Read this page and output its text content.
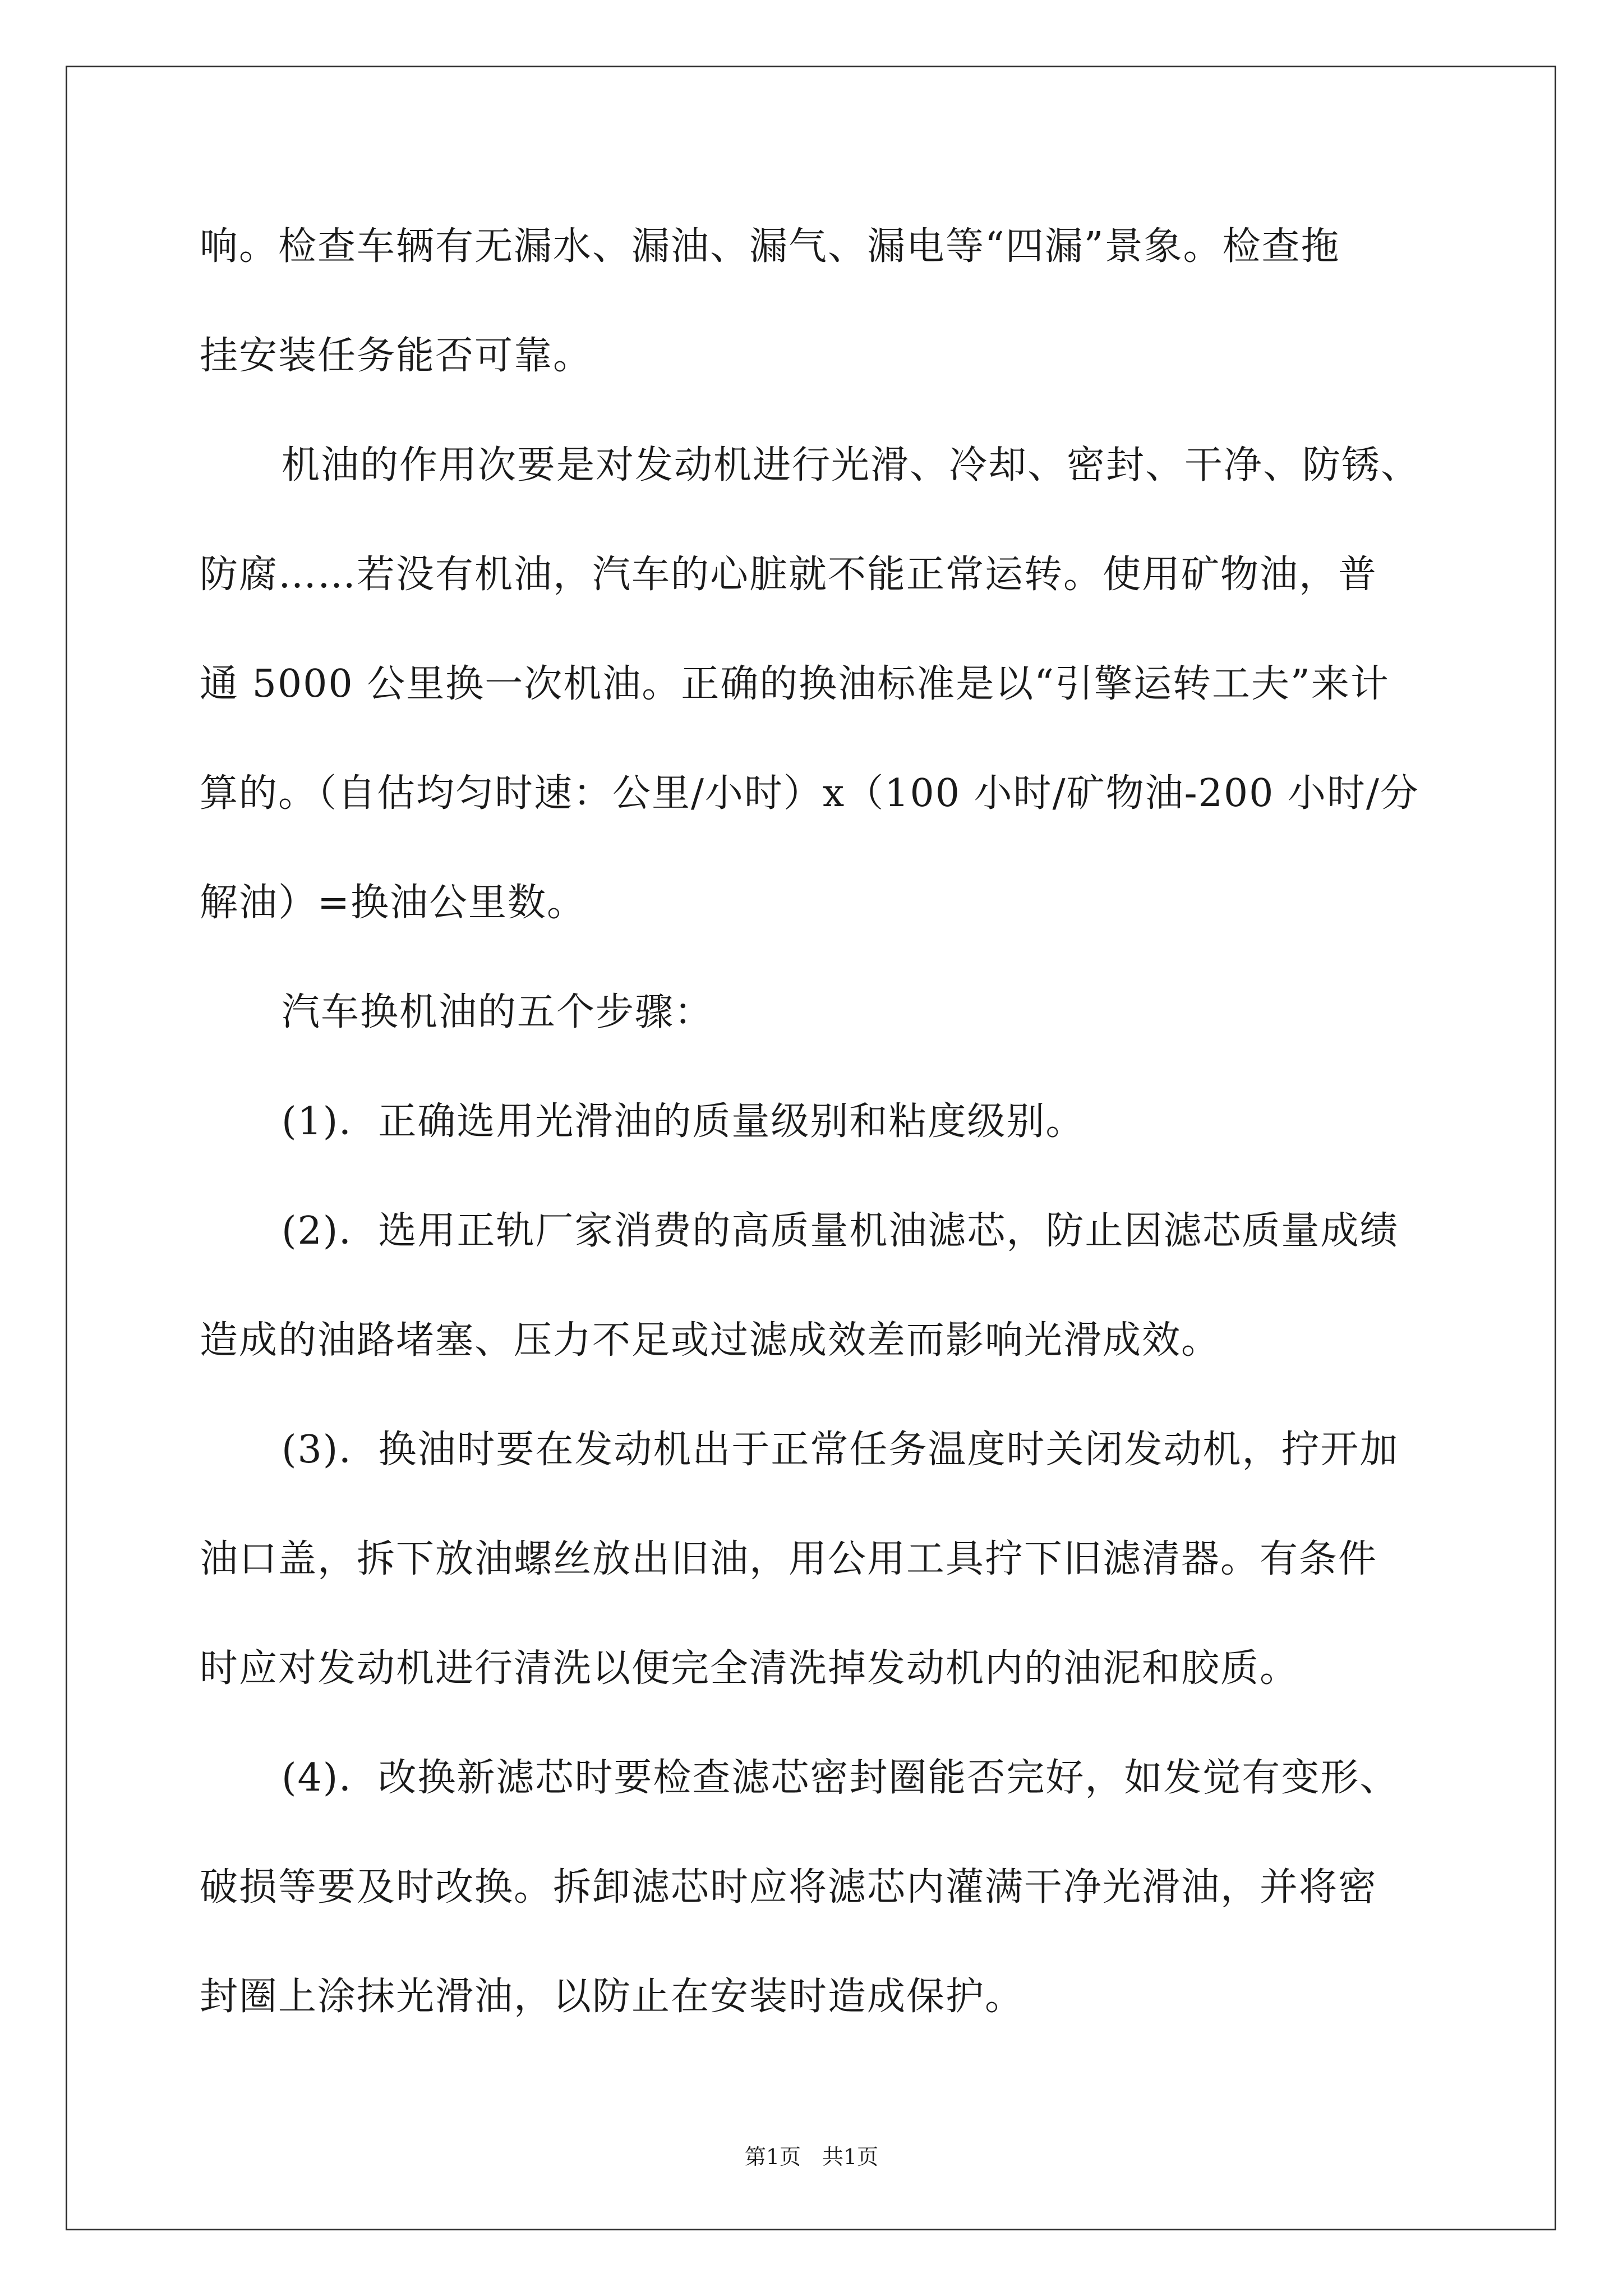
响。检查车辆有无漏水、漏油、漏气、漏电等“四漏”景象。检查拖
挂安装任务能否可靠。
机油的作用次要是对发动机进行光滑、冷却、密封、干净、防锈、
防腐……若没有机油，汽车的心脏就不能正常运转。使用矿物油，普
通 5000 公里换一次机油。正确的换油标准是以“引擎运转工夫”来计
算的。（自估均匀时速：公里/小时）x（100 小时/矿物油-200 小时/分
解油）=换油公里数。
汽车换机油的五个步骤：
(1)．正确选用光滑油的质量级别和粘度级别。
(2)．选用正轨厂家消费的高质量机油滤芯，防止因滤芯质量成绩
造成的油路堵塞、压力不足或过滤成效差而影响光滑成效。
(3)．换油时要在发动机出于正常任务温度时关闭发动机，拧开加
油口盖，拆下放油螺丝放出旧油，用公用工具拧下旧滤清器。有条件
时应对发动机进行清洗以便完全清洗掉发动机内的油泥和胶质。
(4)．改换新滤芯时要检查滤芯密封圈能否完好，如发觉有变形、
破损等要及时改换。拆卸滤芯时应将滤芯内灌满干净光滑油，并将密
封圈上涂抹光滑油，以防止在安装时造成保护。
第1页　共1页
